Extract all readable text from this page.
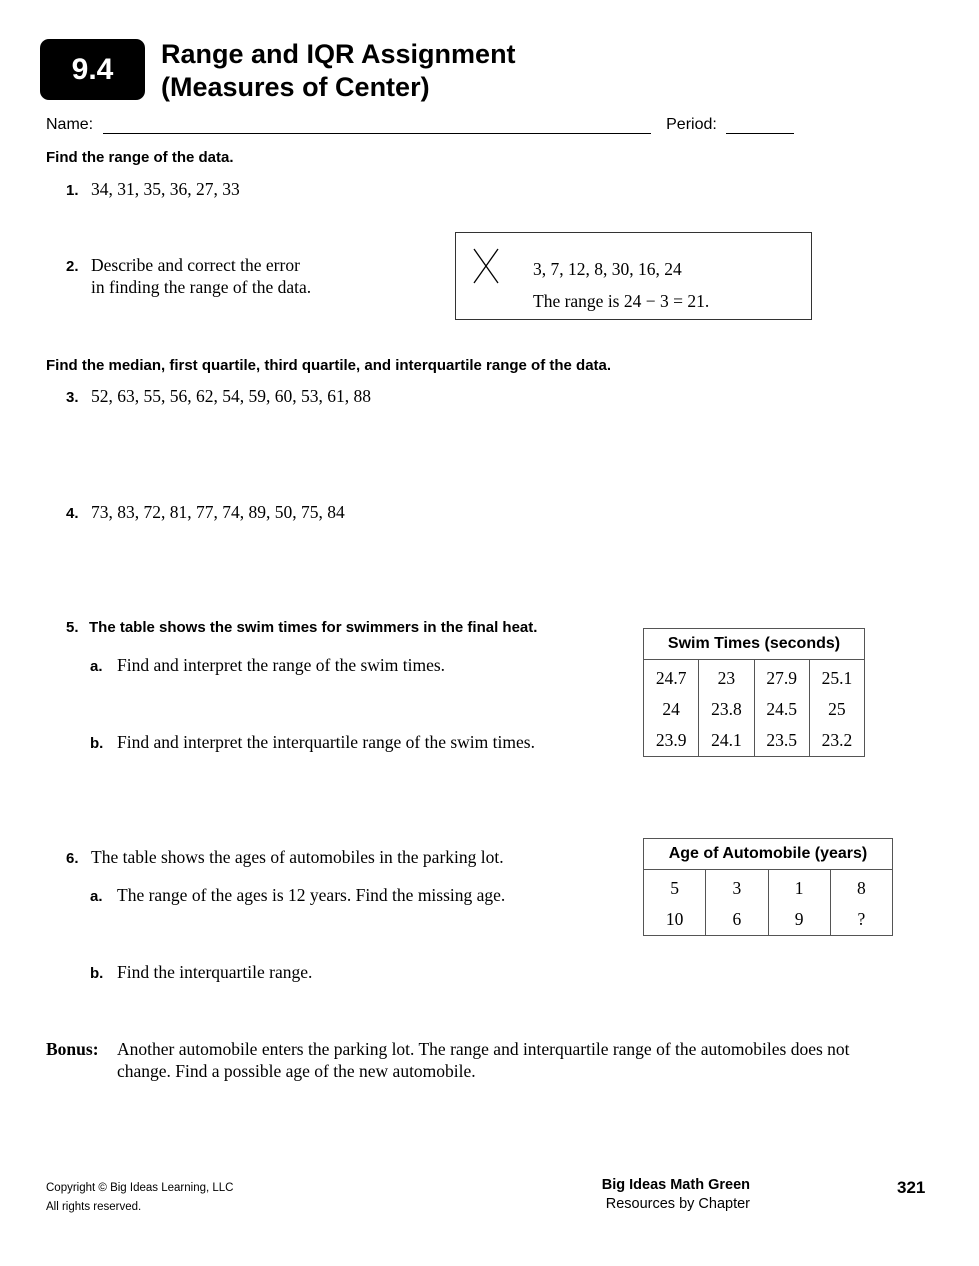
9.4	Range and IQR Assignment
(Measures of Center)
Name:	Period:
Find the range of the data.
1. 34, 31, 35, 36, 27, 33
2. Describe and correct the error
in finding the range of the data.
3, 7, 12, 8, 30, 16, 24
The range is 24 − 3 = 21.
Find the median, first quartile, third quartile, and interquartile range of the data.
3. 52, 63, 55, 56, 62, 54, 59, 60, 53, 61, 88
4. 73, 83, 72, 81, 77, 74, 89, 50, 75, 84
5. The table shows the swim times for swimmers in the final heat.
a. Find and interpret the range of the swim times.
b. Find and interpret the interquartile range of the swim times.
Swim Times (seconds)			
24.7	23	27.9	25.1
24	23.8	24.5	25
23.9	24.1	23.5	23.2
6. The table shows the ages of automobiles in the parking lot.
a. The range of the ages is 12 years. Find the missing age.
b. Find the interquartile range.
Age of Automobile (years)			
5	3	1	8
10	6	9	?
Bonus:	Another automobile enters the parking lot. The range and interquartile range of the automobiles does not
change. Find a possible age of the new automobile.
Copyright © Big Ideas Learning, LLC
All rights reserved.
Big Ideas Math Green
Resources by Chapter
321
